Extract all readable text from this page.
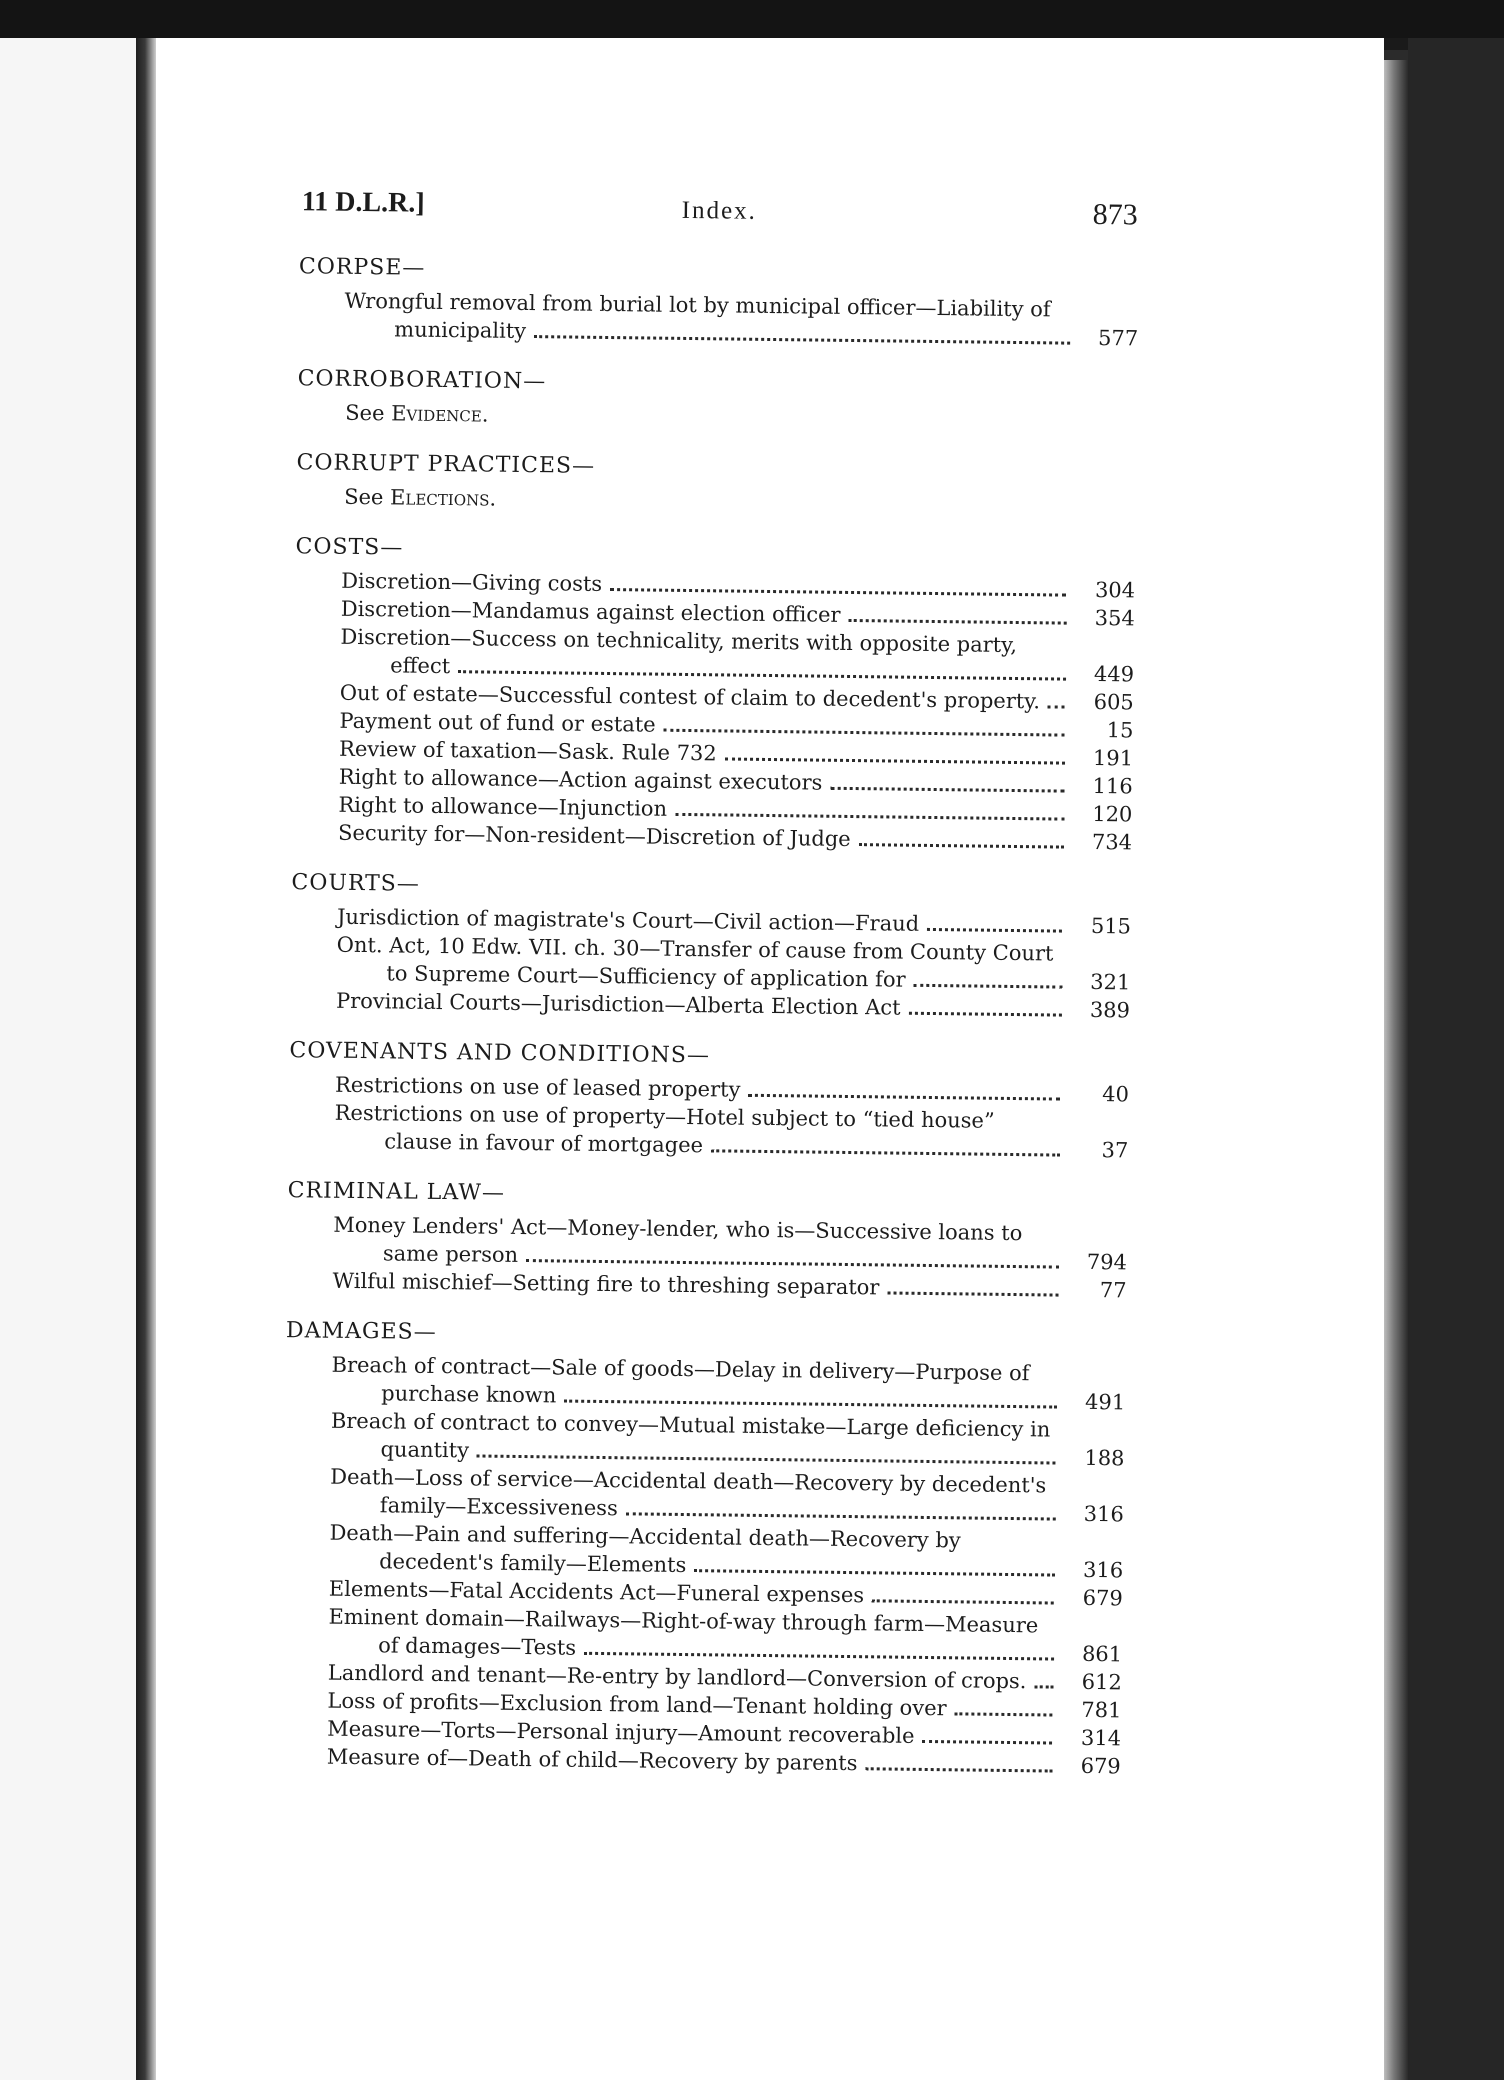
11 D.L.R.]	Index.	873
CORPSE—
Wrongful removal from burial lot by municipal officer—Liability of municipality	577
CORROBORATION—
See Evidence.
CORRUPT PRACTICES—
See Elections.
COSTS—
Discretion—Giving costs	304
Discretion—Mandamus against election officer	354
Discretion—Success on technicality, merits with opposite party, effect	449
Out of estate—Successful contest of claim to decedent's property.	605
Payment out of fund or estate	15
Review of taxation—Sask. Rule 732	191
Right to allowance—Action against executors	116
Right to allowance—Injunction	120
Security for—Non-resident—Discretion of Judge	734
COURTS—
Jurisdiction of magistrate's Court—Civil action—Fraud	515
Ont. Act, 10 Edw. VII. ch. 30—Transfer of cause from County Court to Supreme Court—Sufficiency of application for	321
Provincial Courts—Jurisdiction—Alberta Election Act	389
COVENANTS AND CONDITIONS—
Restrictions on use of leased property	40
Restrictions on use of property—Hotel subject to “tied house” clause in favour of mortgagee	37
CRIMINAL LAW—
Money Lenders' Act—Money-lender, who is—Successive loans to same person	794
Wilful mischief—Setting fire to threshing separator	77
DAMAGES—
Breach of contract—Sale of goods—Delay in delivery—Purpose of purchase known	491
Breach of contract to convey—Mutual mistake—Large deficiency in quantity	188
Death—Loss of service—Accidental death—Recovery by decedent's family—Excessiveness	316
Death—Pain and suffering—Accidental death—Recovery by decedent's family—Elements	316
Elements—Fatal Accidents Act—Funeral expenses	679
Eminent domain—Railways—Right-of-way through farm—Measure of damages—Tests	861
Landlord and tenant—Re-entry by landlord—Conversion of crops.	612
Loss of profits—Exclusion from land—Tenant holding over	781
Measure—Torts—Personal injury—Amount recoverable	314
Measure of—Death of child—Recovery by parents	679
